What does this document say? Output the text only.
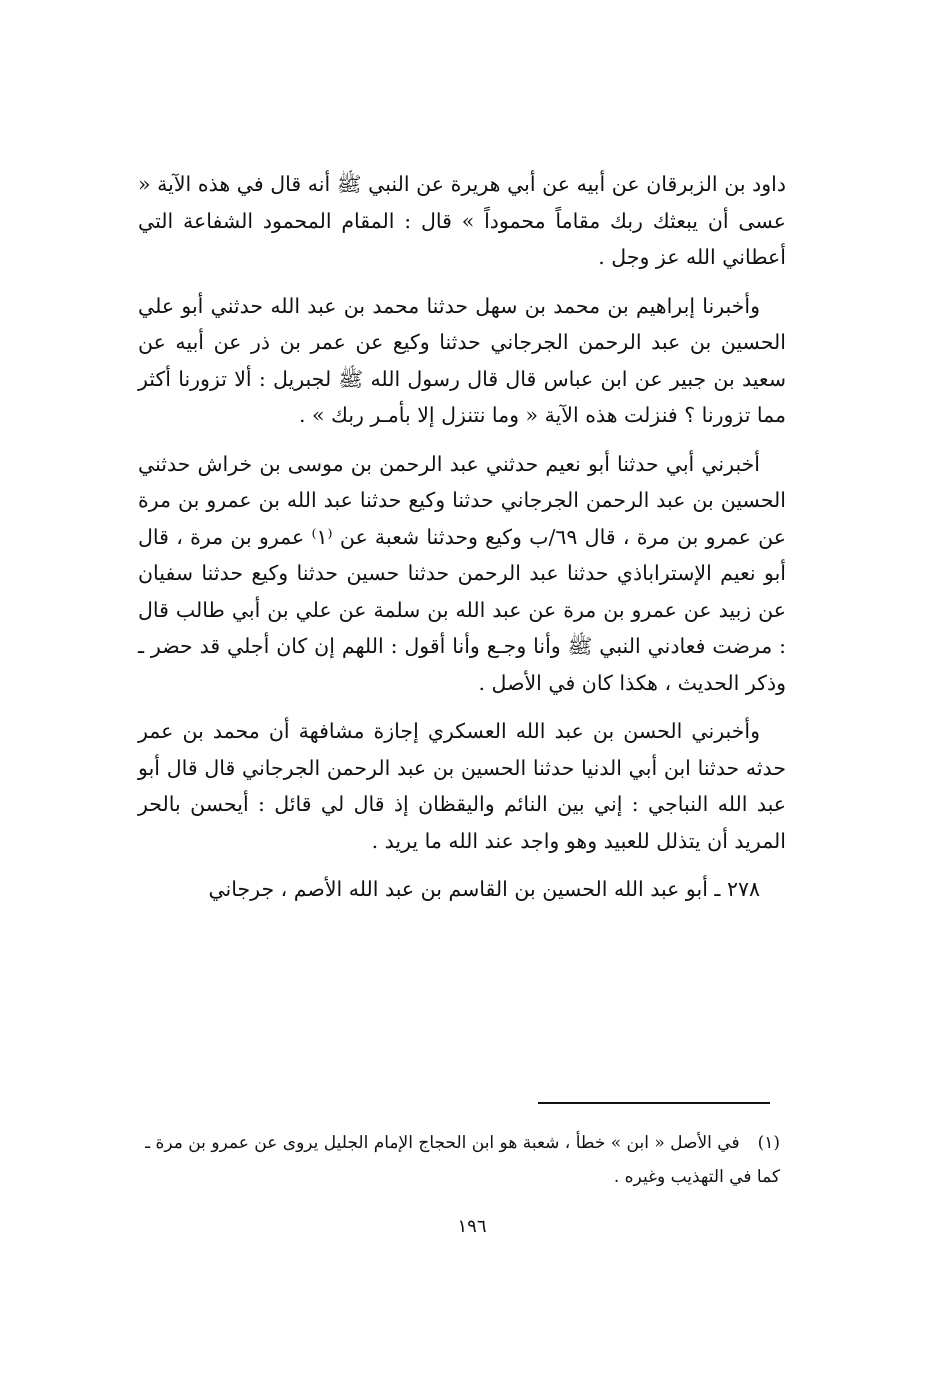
داود بن الزبرقان عن أبيه عن أبي هريرة عن النبي ﷺ أنه قال في هذه الآية « عسى أن يبعثك ربك مقاماً محموداً » قال : المقام المحمود الشفاعة التي أعطاني الله عز وجل .

وأخبرنا إبراهيم بن محمد بن سهل حدثنا محمد بن عبد الله حدثني أبو علي الحسين بن عبد الرحمن الجرجاني حدثنا وكيع عن عمر بن ذر عن أبيه عن سعيد بن جبير عن ابن عباس قال قال رسول الله ﷺ لجبريل : ألا تزورنا أكثر مما تزورنا ؟ فنزلت هذه الآية « وما نتنزل إلا بأمـر ربك » .

أخبرني أبي حدثنا أبو نعيم حدثني عبد الرحمن بن موسى بن خراش حدثني الحسين بن عبد الرحمن الجرجاني حدثنا وكيع حدثنا عبد الله بن عمرو بن مرة عن عمرو بن مرة ، قال ٦٩/ب وكيع وحدثنا شعبة عن ⁽١⁾ عمرو بن مرة ، قال أبو نعيم الإستراباذي حدثنا عبد الرحمن حدثنا حسين حدثنا وكيع حدثنا سفيان عن زبيد عن عمرو بن مرة عن عبد الله بن سلمة عن علي بن أبي طالب قال : مرضت فعادني النبي ﷺ وأنا وجـع وأنا أقول : اللهم إن كان أجلي قد حضر ـ وذكر الحديث ، هكذا كان في الأصل .

وأخبرني الحسن بن عبد الله العسكري إجازة مشافهة أن محمد بن عمر حدثه حدثنا ابن أبي الدنيا حدثنا الحسين بن عبد الرحمن الجرجاني قال قال أبو عبد الله النباجي : إني بين النائم واليقظان إذ قال لي قائل : أيحسن بالحر المريد أن يتذلل للعبيد وهو واجد عند الله ما يريد .

٢٧٨ ـ أبو عبد الله الحسين بن القاسم بن عبد الله الأصم ، جرجاني

(١)في الأصل « ابن » خطأ ، شعبة هو ابن الحجاج الإمام الجليل يروى عن عمرو بن مرة ـ كما في التهذيب وغيره .
١٩٦
